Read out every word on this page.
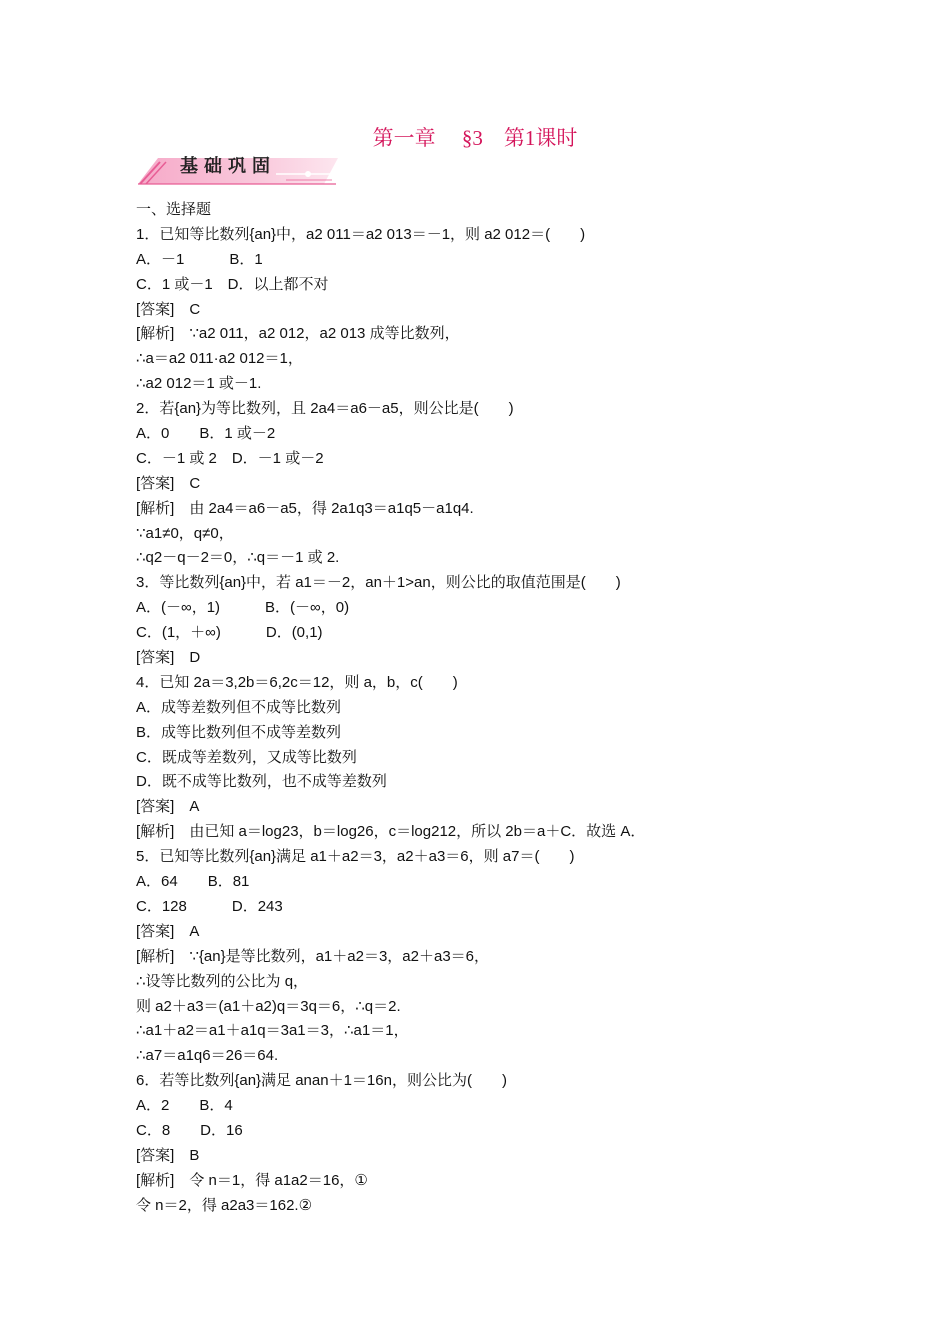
第一章　 §3　第1课时
基础巩固
一、选择题
1．已知等比数列{an}中，a2 011＝a2 013＝－1，则 a2 012＝(　　)
A．－1　　　B．1
C．1 或－1　D．以上都不对
[答案]　C
[解析]　∵a2 011，a2 012，a2 013 成等比数列，
∴a＝a2 011·a2 012＝1，
∴a2 012＝1 或－1.
2．若{an}为等比数列，且 2a4＝a6－a5，则公比是(　　)
A．0　　B．1 或－2
C．－1 或 2　D．－1 或－2
[答案]　C
[解析]　由 2a4＝a6－a5，得 2a1q3＝a1q5－a1q4.
∵a1≠0，q≠0，
∴q2－q－2＝0，∴q＝－1 或 2.
3．等比数列{an}中，若 a1＝－2，an＋1>an，则公比的取值范围是(　　)
A．(－∞，1)　　　B．(－∞，0)
C．(1，＋∞)　　　D．(0,1)
[答案]　D
4．已知 2a＝3,2b＝6,2c＝12，则 a，b，c(　　)
A．成等差数列但不成等比数列
B．成等比数列但不成等差数列
C．既成等差数列，又成等比数列
D．既不成等比数列，也不成等差数列
[答案]　A
[解析]　由已知 a＝log23，b＝log26，c＝log212，所以 2b＝a＋C．故选 A．
5．已知等比数列{an}满足 a1＋a2＝3，a2＋a3＝6，则 a7＝(　　)
A．64　　B．81
C．128　　　D．243
[答案]　A
[解析]　∵{an}是等比数列，a1＋a2＝3，a2＋a3＝6，
∴设等比数列的公比为 q，
则 a2＋a3＝(a1＋a2)q＝3q＝6，∴q＝2.
∴a1＋a2＝a1＋a1q＝3a1＝3，∴a1＝1，
∴a7＝a1q6＝26＝64.
6．若等比数列{an}满足 anan＋1＝16n，则公比为(　　)
A．2　　B．4
C．8　　D．16
[答案]　B
[解析]　令 n＝1，得 a1a2＝16，①
令 n＝2，得 a2a3＝162.②
